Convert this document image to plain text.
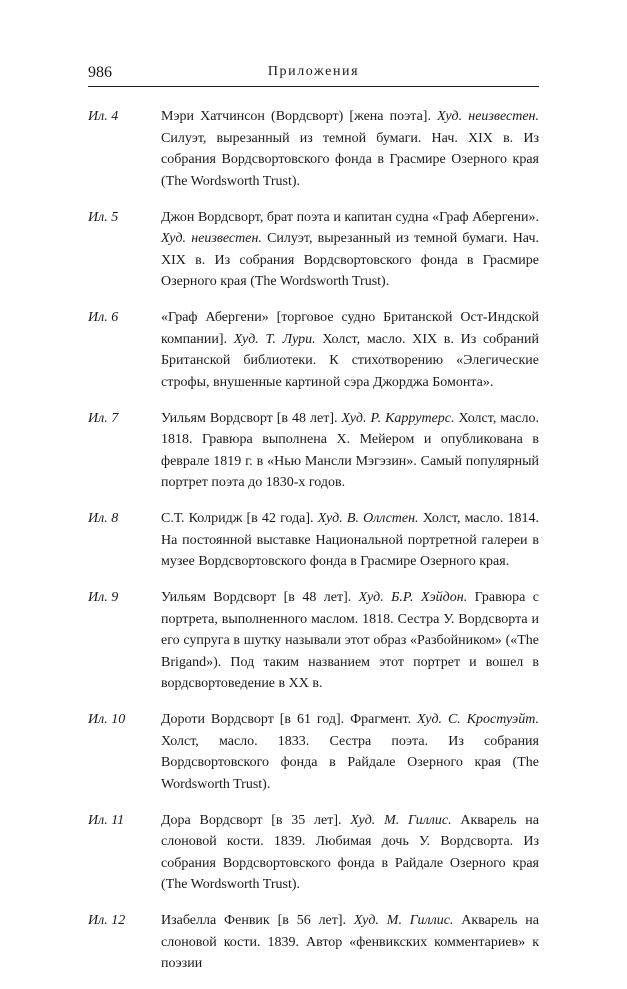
986	Приложения
Ил. 4	Мэри Хатчинсон (Вордсворт) [жена поэта]. Худ. неизвестен. Силуэт, вырезанный из темной бумаги. Нач. XIX в. Из собрания Вордсвортовского фонда в Грасмире Озерного края (The Wordsworth Trust).
Ил. 5	Джон Вордсворт, брат поэта и капитан судна «Граф Абергени». Худ. неизвестен. Силуэт, вырезанный из темной бумаги. Нач. XIX в. Из собрания Вордсвортовского фонда в Грасмире Озерного края (The Wordsworth Trust).
Ил. 6	«Граф Абергени» [торговое судно Британской Ост-Индской компании]. Худ. Т. Лури. Холст, масло. XIX в. Из собраний Британской библиотеки. К стихотворению «Элегические строфы, внушенные картиной сэра Джорджа Бомонта».
Ил. 7	Уильям Вордсворт [в 48 лет]. Худ. Р. Каррутерс. Холст, масло. 1818. Гравюра выполнена Х. Мейером и опубликована в феврале 1819 г. в «Нью Мансли Мэгэзин». Самый популярный портрет поэта до 1830-х годов.
Ил. 8	С.Т. Колридж [в 42 года]. Худ. В. Оллстен. Холст, масло. 1814. На постоянной выставке Национальной портретной галереи в музее Вордсвортовского фонда в Грасмире Озерного края.
Ил. 9	Уильям Вордсворт [в 48 лет]. Худ. Б.Р. Хэйдон. Гравюра с портрета, выполненного маслом. 1818. Сестра У. Вордсворта и его супруга в шутку называли этот образ «Разбойником» («The Brigand»). Под таким названием этот портрет и вошел в вордсвортоведение в XX в.
Ил. 10	Дороти Вордсворт [в 61 год]. Фрагмент. Худ. С. Кростуэйт. Холст, масло. 1833. Сестра поэта. Из собрания Вордсвортовского фонда в Райдале Озерного края (The Wordsworth Trust).
Ил. 11	Дора Вордсворт [в 35 лет]. Худ. М. Гиллис. Акварель на слоновой кости. 1839. Любимая дочь У. Вордсворта. Из собрания Вордсвортовского фонда в Райдале Озерного края (The Wordsworth Trust).
Ил. 12	Изабелла Фенвик [в 56 лет]. Худ. М. Гиллис. Акварель на слоновой кости. 1839. Автор «фенвикских комментариев» к поэзии
